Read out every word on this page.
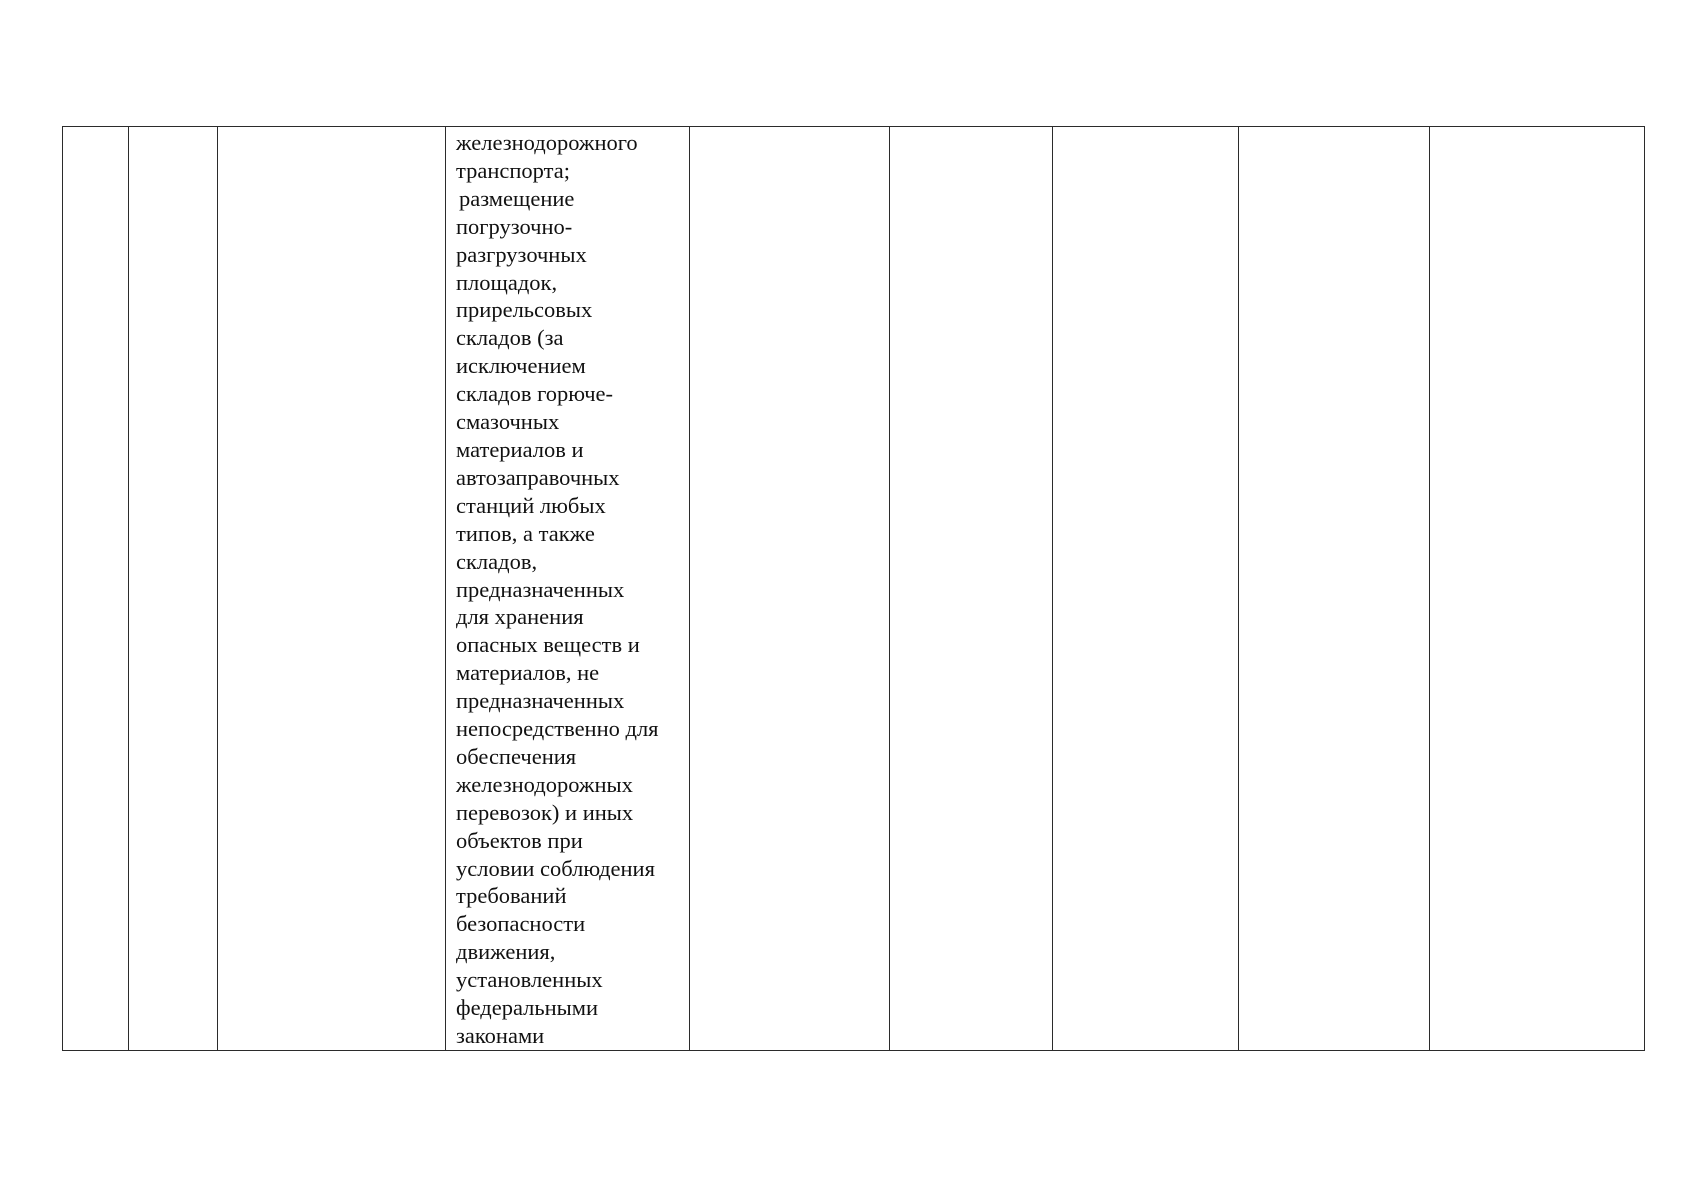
железнодорожного
транспорта;
размещение
погрузочно-
разгрузочных
площадок,
прирельсовых
складов (за
исключением
складов горюче-
смазочных
материалов и
автозаправочных
станций любых
типов, а также
складов,
предназначенных
для хранения
опасных веществ и
материалов, не
предназначенных
непосредственно для
обеспечения
железнодорожных
перевозок) и иных
объектов при
условии соблюдения
требований
безопасности
движения,
установленных
федеральными
законами
